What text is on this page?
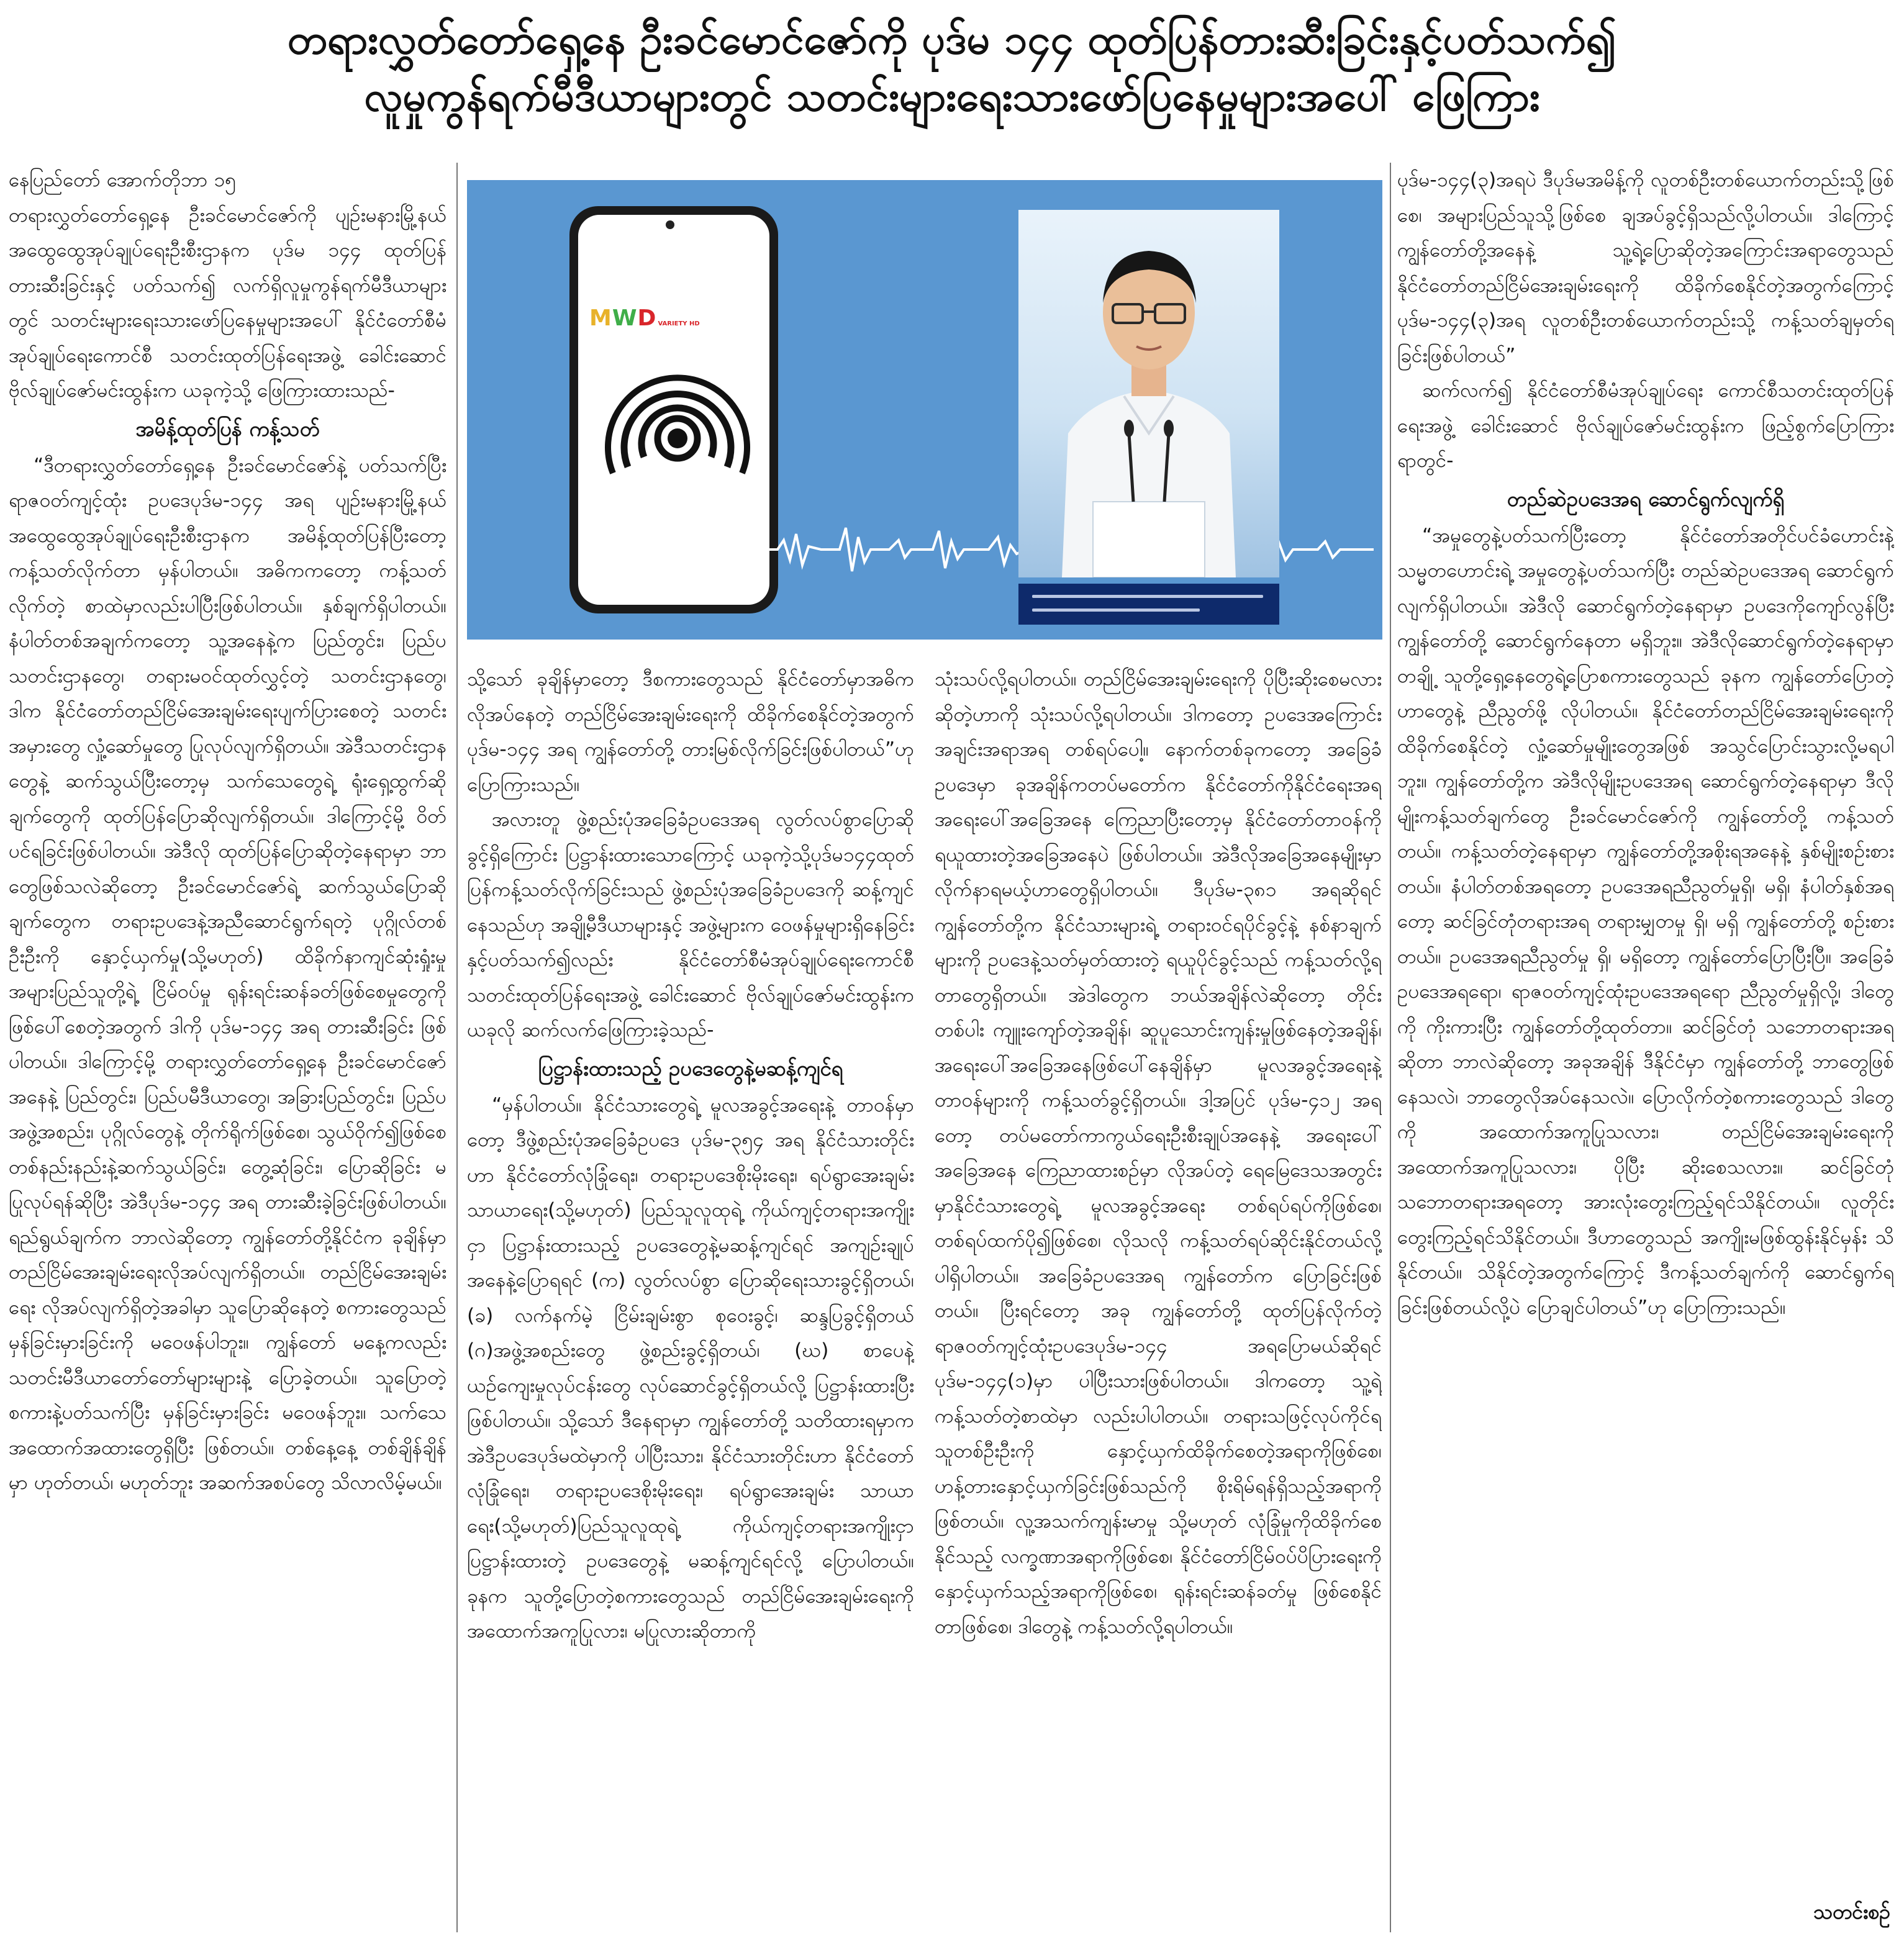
တရားလွှတ်တော်ရှေ့နေ ဦးခင်မောင်ဇော်ကို ပုဒ်မ ၁၄၄ ထုတ်ပြန်တားဆီးခြင်းနှင့်ပတ်သက်၍
လူမှုကွန်ရက်မီဒီယာများတွင် သတင်းများရေးသားဖော်ပြနေမှုများအပေါ် ဖြေကြား

နေပြည်တော် အောက်တိုဘာ ၁၅

တရားလွှတ်တော်ရှေ့နေ ဦးခင်မောင်ဇော်ကို ပျဉ်းမနားမြို့နယ် အထွေထွေအုပ်ချုပ်ရေးဦးစီးဌာနက ပုဒ်မ ၁၄၄ ထုတ်ပြန်တားဆီးခြင်းနှင့် ပတ်သက်၍ လက်ရှိလူမှုကွန်ရက်မီဒီယာများတွင် သတင်းများရေးသားဖော်ပြနေမှုများအပေါ် နိုင်ငံတော်စီမံအုပ်ချုပ်ရေးကောင်စီ သတင်းထုတ်ပြန်ရေးအဖွဲ့ ခေါင်းဆောင် ဗိုလ်ချုပ်ဇော်မင်းထွန်းက ယခုကဲ့သို့ ဖြေကြားထားသည်-

အမိန့်ထုတ်ပြန် ကန့်သတ်

“ဒီတရားလွှတ်တော်ရှေ့နေ ဦးခင်မောင်ဇော်နဲ့ ပတ်သက်ပြီး ရာဇဝတ်ကျင့်ထုံး ဥပဒေပုဒ်မ-၁၄၄ အရ ပျဉ်းမနားမြို့နယ် အထွေထွေအုပ်ချုပ်ရေးဦးစီးဌာနက အမိန့်ထုတ်ပြန်ပြီးတော့ ကန့်သတ်လိုက်တာ မှန်ပါတယ်။ အဓိကကတော့ ကန့်သတ်လိုက်တဲ့ စာထဲမှာလည်းပါပြီးဖြစ်ပါတယ်။ နှစ်ချက်ရှိပါတယ်။ နံပါတ်တစ်အချက်ကတော့ သူ့အနေနဲ့က ပြည်တွင်း၊ ပြည်ပ သတင်းဌာနတွေ၊ တရားမဝင်ထုတ်လွှင့်တဲ့ သတင်းဌာနတွေ၊ ဒါက နိုင်ငံတော်တည်ငြိမ်အေးချမ်းရေးပျက်ပြားစေတဲ့ သတင်းအမှားတွေ လှုံ့ဆော်မှုတွေ ပြုလုပ်လျက်ရှိတယ်။ အဲဒီသတင်းဌာနတွေနဲ့ ဆက်သွယ်ပြီးတော့မှ သက်သေတွေရဲ့ ရုံးရှေ့ထွက်ဆိုချက်တွေကို ထုတ်ပြန်ပြောဆိုလျက်ရှိတယ်။ ဒါကြောင့်မို့ ဝိတ်ပင်ရခြင်းဖြစ်ပါတယ်။ အဲဒီလို ထုတ်ပြန်ပြောဆိုတဲ့နေရာမှာ ဘာတွေဖြစ်သလဲဆိုတော့ ဦးခင်မောင်ဇော်ရဲ့ ဆက်သွယ်ပြောဆိုချက်တွေက တရားဥပဒေနဲ့အညီဆောင်ရွက်ရတဲ့ ပုဂ္ဂိုလ်တစ်ဦးဦးကို နှောင့်ယှက်မှု(သို့မဟုတ်) ထိခိုက်နာကျင်ဆုံးရှုံးမှု အများပြည်သူတို့ရဲ့ ငြိမ်ဝပ်မှု ရုန်းရင်းဆန်ခတ်ဖြစ်စေမှုတွေကို ဖြစ်ပေါ်စေတဲ့အတွက် ဒါကို ပုဒ်မ-၁၄၄ အရ တားဆီးခြင်း ဖြစ်ပါတယ်။ ဒါကြောင့်မို့ တရားလွှတ်တော်ရှေ့နေ ဦးခင်မောင်ဇော် အနေနဲ့ ပြည်တွင်း၊ ပြည်ပမီဒီယာတွေ၊ အခြားပြည်တွင်း၊ ပြည်ပအဖွဲ့အစည်း၊ ပုဂ္ဂိုလ်တွေနဲ့ တိုက်ရိုက်ဖြစ်စေ၊ သွယ်ဝိုက်၍ဖြစ်စေ တစ်နည်းနည်းနဲ့ဆက်သွယ်ခြင်း၊ တွေ့ဆုံခြင်း၊ ပြောဆိုခြင်း မပြုလုပ်ရန်ဆိုပြီး အဲဒီပုဒ်မ-၁၄၄ အရ တားဆီးခဲ့ခြင်းဖြစ်ပါတယ်။ ရည်ရွယ်ချက်က ဘာလဲဆိုတော့ ကျွန်တော်တို့နိုင်ငံက ခုချိန်မှာ တည်ငြိမ်အေးချမ်းရေးလိုအပ်လျက်ရှိတယ်။ တည်ငြိမ်အေးချမ်းရေး လိုအပ်လျက်ရှိတဲ့အခါမှာ သူပြောဆိုနေတဲ့ စကားတွေသည် မှန်ခြင်းမှားခြင်းကို မဝေဖန်ပါဘူး။ ကျွန်တော် မနေ့ကလည်း သတင်းမီဒီယာတော်တော်များများနဲ့ ပြောခဲ့တယ်။ သူပြောတဲ့ စကားနဲ့ပတ်သက်ပြီး မှန်ခြင်းမှားခြင်း မဝေဖန်ဘူး။ သက်သေအထောက်အထားတွေရှိပြီး ဖြစ်တယ်။ တစ်နေ့နေ့ တစ်ချိန်ချိန်မှာ ဟုတ်တယ်၊ မဟုတ်ဘူး အဆက်အစပ်တွေ သိလာလိမ့်မယ်။

MWD VARIETY HD

သို့သော် ခုချိန်မှာတော့ ဒီစကားတွေသည် နိုင်ငံတော်မှာအဓိကလိုအပ်နေတဲ့ တည်ငြိမ်အေးချမ်းရေးကို ထိခိုက်စေနိုင်တဲ့အတွက် ပုဒ်မ-၁၄၄ အရ ကျွန်တော်တို့ တားမြစ်လိုက်ခြင်းဖြစ်ပါတယ်”ဟု ပြောကြားသည်။

အလားတူ ဖွဲ့စည်းပုံအခြေခံဥပဒေအရ လွတ်လပ်စွာပြောဆိုခွင့်ရှိကြောင်း ပြဋ္ဌာန်းထားသောကြောင့် ယခုကဲ့သို့ပုဒ်မ၁၄၄ထုတ်ပြန်ကန့်သတ်လိုက်ခြင်းသည် ဖွဲ့စည်းပုံအခြေခံဥပဒေကို ဆန့်ကျင်နေသည်ဟု အချို့မီဒီယာများနှင့် အဖွဲ့များက ဝေဖန်မှုများရှိနေခြင်းနှင့်ပတ်သက်၍လည်း နိုင်ငံတော်စီမံအုပ်ချုပ်ရေးကောင်စီ သတင်းထုတ်ပြန်ရေးအဖွဲ့ ခေါင်းဆောင် ဗိုလ်ချုပ်ဇော်မင်းထွန်းက ယခုလို ဆက်လက်ဖြေကြားခဲ့သည်-

ပြဋ္ဌာန်းထားသည့် ဥပဒေတွေနဲ့မဆန့်ကျင်ရ

“မှန်ပါတယ်။ နိုင်ငံသားတွေရဲ့ မူလအခွင့်အရေးနဲ့ တာဝန်မှာတော့ ဒီဖွဲ့စည်းပုံအခြေခံဥပဒေ ပုဒ်မ-၃၅၄ အရ နိုင်ငံသားတိုင်းဟာ နိုင်ငံတော်လုံခြုံရေး၊ တရားဥပဒေစိုးမိုးရေး၊ ရပ်ရွာအေးချမ်းသာယာရေး(သို့မဟုတ်) ပြည်သူလူထုရဲ့ ကိုယ်ကျင့်တရားအကျိုးငှာ ပြဋ္ဌာန်းထားသည့် ဥပဒေတွေနဲ့မဆန့်ကျင်ရင် အကျဉ်းချုပ်အနေနဲ့ပြောရရင် (က) လွတ်လပ်စွာ ပြောဆိုရေးသားခွင့်ရှိတယ်၊ (ခ) လက်နက်မဲ့ ငြိမ်းချမ်းစွာ စုဝေးခွင့်၊ ဆန္ဒပြခွင့်ရှိတယ် (ဂ)အဖွဲ့အစည်းတွေ ဖွဲ့စည်းခွင့်ရှိတယ်၊ (ဃ) စာပေနဲ့ ယဉ်ကျေးမှုလုပ်ငန်းတွေ လုပ်ဆောင်ခွင့်ရှိတယ်လို့ ပြဋ္ဌာန်းထားပြီးဖြစ်ပါတယ်။ သို့သော် ဒီနေရာမှာ ကျွန်တော်တို့ သတိထားရမှာက အဲဒီဥပဒေပုဒ်မထဲမှာကို ပါပြီးသား၊ နိုင်ငံသားတိုင်းဟာ နိုင်ငံတော်လုံခြုံရေး၊ တရားဥပဒေစိုးမိုးရေး၊ ရပ်ရွာအေးချမ်း သာယာရေး(သို့မဟုတ်)ပြည်သူလူထုရဲ့ ကိုယ်ကျင့်တရားအကျိုးငှာ ပြဋ္ဌာန်းထားတဲ့ ဥပဒေတွေနဲ့ မဆန့်ကျင်ရင်လို့ ပြောပါတယ်။ ခုနက သူတို့ပြောတဲ့စကားတွေသည် တည်ငြိမ်အေးချမ်းရေးကို အထောက်အကူပြုလား၊ မပြုလားဆိုတာကို

သုံးသပ်လို့ရပါတယ်။ တည်ငြိမ်အေးချမ်းရေးကို ပိုပြီးဆိုးစေမလားဆိုတဲ့ဟာကို သုံးသပ်လို့ရပါတယ်။ ဒါကတော့ ဥပဒေအကြောင်းအချင်းအရာအရ တစ်ရပ်ပေါ့။ နောက်တစ်ခုကတော့ အခြေခံဥပဒေမှာ ခုအချိန်ကတပ်မတော်က နိုင်ငံတော်ကိုနိုင်ငံရေးအရ အရေးပေါ်အခြေအနေ ကြေညာပြီးတော့မှ နိုင်ငံတော်တာဝန်ကို ရယူထားတဲ့အခြေအနေပဲ ဖြစ်ပါတယ်။ အဲဒီလိုအခြေအနေမျိုးမှာ လိုက်နာရမယ့်ဟာတွေရှိပါတယ်။ ဒီပုဒ်မ-၃၈၁ အရဆိုရင် ကျွန်တော်တို့က နိုင်ငံသားများရဲ့ တရားဝင်ရပိုင်ခွင့်နဲ့ နစ်နာချက်များကို ဥပဒေနဲ့သတ်မှတ်ထားတဲ့ ရယူပိုင်ခွင့်သည် ကန့်သတ်လို့ရတာတွေရှိတယ်။ အဲဒါတွေက ဘယ်အချိန်လဲဆိုတော့ တိုင်းတစ်ပါး ကျူးကျော်တဲ့အချိန်၊ ဆူပူသောင်းကျန်းမှုဖြစ်နေတဲ့အချိန်၊ အရေးပေါ်အခြေအနေဖြစ်ပေါ်နေချိန်မှာ မူလအခွင့်အရေးနဲ့ တာဝန်များကို ကန့်သတ်ခွင့်ရှိတယ်။ ဒါ့အပြင် ပုဒ်မ-၄၁၂ အရတော့ တပ်မတော်ကာကွယ်ရေးဦးစီးချုပ်အနေနဲ့ အရေးပေါ်အခြေအနေ ကြေညာထားစဉ်မှာ လိုအပ်တဲ့ ရေမြေဒေသအတွင်းမှာနိုင်ငံသားတွေရဲ့ မူလအခွင့်အရေး တစ်ရပ်ရပ်ကိုဖြစ်စေ၊ တစ်ရပ်ထက်ပို၍ဖြစ်စေ၊ လိုသလို ကန့်သတ်ရပ်ဆိုင်းနိုင်တယ်လို့ ပါရှိပါတယ်။ အခြေခံဥပဒေအရ ကျွန်တော်က ပြောခြင်းဖြစ်တယ်။ ပြီးရင်တော့ အခု ကျွန်တော်တို့ ထုတ်ပြန်လိုက်တဲ့ ရာဇဝတ်ကျင့်ထုံးဥပဒေပုဒ်မ-၁၄၄ အရပြောမယ်ဆိုရင် ပုဒ်မ-၁၄၄(၁)မှာ ပါပြီးသားဖြစ်ပါတယ်။ ဒါကတော့ သူ့ရဲ့ကန့်သတ်တဲ့စာထဲမှာ လည်းပါပါတယ်။ တရားသဖြင့်လုပ်ကိုင်ရသူတစ်ဦးဦးကို နှောင့်ယှက်ထိခိုက်စေတဲ့အရာကိုဖြစ်စေ၊ ဟန့်တားနှောင့်ယှက်ခြင်းဖြစ်သည်ကို စိုးရိမ်ရန်ရှိသည့်အရာကိုဖြစ်တယ်။ လူ့အသက်ကျန်းမာမှု သို့မဟုတ် လုံခြုံမှုကိုထိခိုက်စေနိုင်သည့် လက္ခဏာအရာကိုဖြစ်စေ၊ နိုင်ငံတော်ငြိမ်ဝပ်ပိပြားရေးကို နှောင့်ယှက်သည့်အရာကိုဖြစ်စေ၊ ရုန်းရင်းဆန်ခတ်မှု ဖြစ်စေနိုင်တာဖြစ်စေ၊ ဒါတွေနဲ့ ကန့်သတ်လို့ရပါတယ်။

ပုဒ်မ-၁၄၄(၃)အရပဲ ဒီပုဒ်မအမိန့်ကို လူတစ်ဦးတစ်ယောက်တည်းသို့ဖြစ်စေ၊ အများပြည်သူသို့ဖြစ်စေ ချအပ်ခွင့်ရှိသည်လို့ပါတယ်။ ဒါကြောင့် ကျွန်တော်တို့အနေနဲ့ သူ့ရဲ့ပြောဆိုတဲ့အကြောင်းအရာတွေသည် နိုင်ငံတော်တည်ငြိမ်အေးချမ်းရေးကို ထိခိုက်စေနိုင်တဲ့အတွက်ကြောင့် ပုဒ်မ-၁၄၄(၃)အရ လူတစ်ဦးတစ်ယောက်တည်းသို့ ကန့်သတ်ချမှတ်ရခြင်းဖြစ်ပါတယ်”

ဆက်လက်၍ နိုင်ငံတော်စီမံအုပ်ချုပ်ရေး ကောင်စီသတင်းထုတ်ပြန်ရေးအဖွဲ့ ခေါင်းဆောင် ဗိုလ်ချုပ်ဇော်မင်းထွန်းက ဖြည့်စွက်ပြောကြားရာတွင်-

တည်ဆဲဥပဒေအရ ဆောင်ရွက်လျက်ရှိ

“အမှုတွေနဲ့ပတ်သက်ပြီးတော့ နိုင်ငံတော်အတိုင်ပင်ခံဟောင်းနဲ့ သမ္မတဟောင်းရဲ့ အမှုတွေနဲ့ပတ်သက်ပြီး တည်ဆဲဥပဒေအရ ဆောင်ရွက်လျက်ရှိပါတယ်။ အဲဒီလို ဆောင်ရွက်တဲ့နေရာမှာ ဥပဒေကိုကျော်လွန်ပြီး ကျွန်တော်တို့ ဆောင်ရွက်နေတာ မရှိဘူး။ အဲဒီလိုဆောင်ရွက်တဲ့နေရာမှာ တချို့ သူတို့ရှေ့နေတွေရဲ့ပြောစကားတွေသည် ခုနက ကျွန်တော်ပြောတဲ့ဟာတွေနဲ့ ညီညွတ်ဖို့ လိုပါတယ်။ နိုင်ငံတော်တည်ငြိမ်အေးချမ်းရေးကို ထိခိုက်စေနိုင်တဲ့ လှုံ့ဆော်မှုမျိုးတွေအဖြစ် အသွင်ပြောင်းသွားလို့မရပါဘူး။ ကျွန်တော်တို့က အဲဒီလိုမျိုးဥပဒေအရ ဆောင်ရွက်တဲ့နေရာမှာ ဒီလိုမျိုးကန့်သတ်ချက်တွေ ဦးခင်မောင်ဇော်ကို ကျွန်တော်တို့ ကန့်သတ်တယ်။ ကန့်သတ်တဲ့နေရာမှာ ကျွန်တော်တို့အစိုးရအနေနဲ့ နှစ်မျိုးစဉ်းစားတယ်။ နံပါတ်တစ်အရတော့ ဥပဒေအရညီညွတ်မှုရှိ၊ မရှိ၊ နံပါတ်နှစ်အရတော့ ဆင်ခြင်တုံတရားအရ တရားမျှတမှု ရှိ၊ မရှိ ကျွန်တော်တို့ စဉ်းစားတယ်။ ဥပဒေအရညီညွတ်မှု ရှိ၊ မရှိတော့ ကျွန်တော်ပြောပြီးပြီ။ အခြေခံဥပဒေအရရော၊ ရာဇဝတ်ကျင့်ထုံးဥပဒေအရရော ညီညွတ်မှုရှိလို့၊ ဒါတွေကို ကိုးကားပြီး ကျွန်တော်တို့ထုတ်တာ။ ဆင်ခြင်တုံ သဘောတရားအရဆိုတာ ဘာလဲဆိုတော့ အခုအချိန် ဒီနိုင်ငံမှာ ကျွန်တော်တို့ ဘာတွေဖြစ်နေသလဲ၊ ဘာတွေလိုအပ်နေသလဲ။ ပြောလိုက်တဲ့စကားတွေသည် ဒါတွေကို အထောက်အကူပြုသလား၊ တည်ငြိမ်အေးချမ်းရေးကို အထောက်အကူပြုသလား၊ ပိုပြီး ဆိုးစေသလား။ ဆင်ခြင်တုံ သဘောတရားအရတော့ အားလုံးတွေးကြည့်ရင်သိနိုင်တယ်။ လူတိုင်း တွေးကြည့်ရင်သိနိုင်တယ်။ ဒီဟာတွေသည် အကျိုးမဖြစ်ထွန်းနိုင်မှန်း သိနိုင်တယ်။ သိနိုင်တဲ့အတွက်ကြောင့် ဒီကန့်သတ်ချက်ကို ဆောင်ရွက်ရခြင်းဖြစ်တယ်လို့ပဲ ပြောချင်ပါတယ်”ဟု ပြောကြားသည်။

သတင်းစဉ်
